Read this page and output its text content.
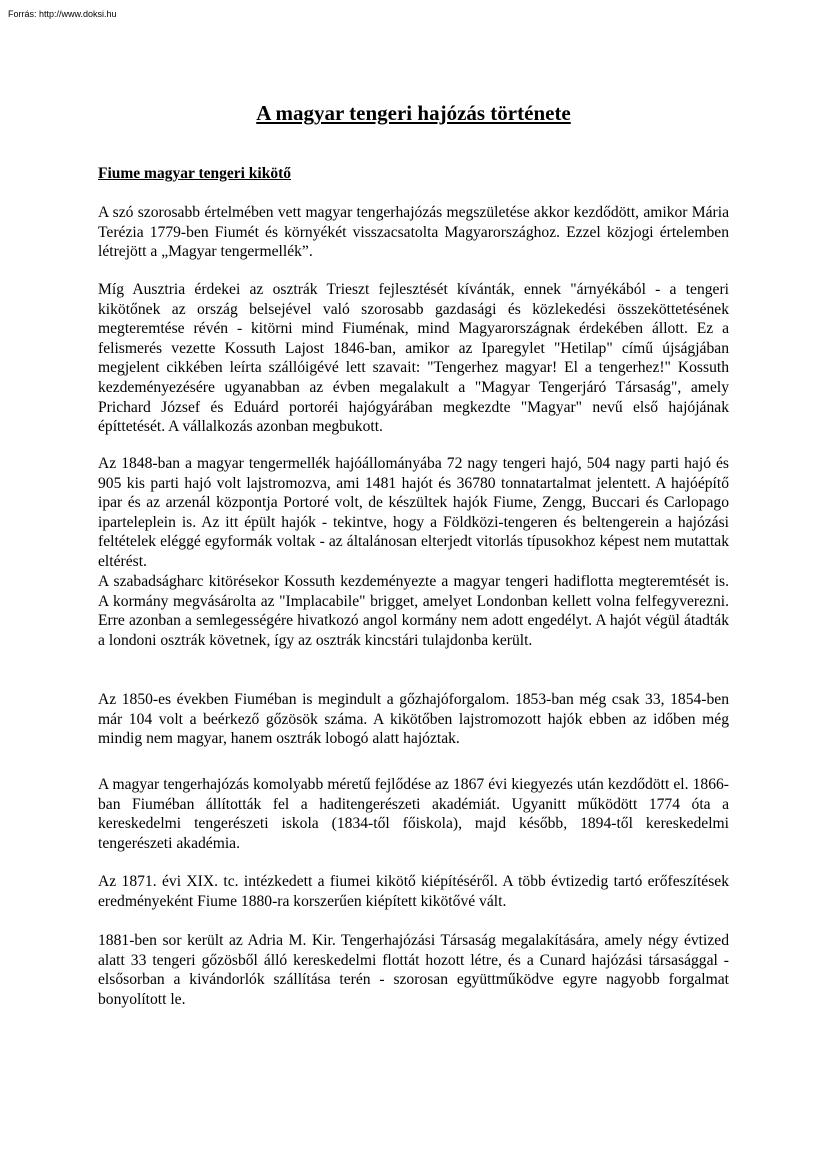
Forrás: http://www.doksi.hu

A magyar tengeri hajózás története
Fiume magyar tengeri kikötő

A szó szorosabb értelmében vett magyar tengerhajózás megszületése akkor kezdődött, amikor Mária Terézia 1779-ben Fiumét és környékét visszacsatolta Magyarországhoz. Ezzel közjogi értelemben létrejött a „Magyar tengermellék”.

Míg Ausztria érdekei az osztrák Trieszt fejlesztését kívánták, ennek "árnyékából - a tengeri kikötőnek az ország belsejével való szorosabb gazdasági és közlekedési összeköttetésének megteremtése révén - kitörni mind Fiuménak, mind Magyarországnak érdekében állott. Ez a felismerés vezette Kossuth Lajost 1846-ban, amikor az Iparegylet "Hetilap" című újságjában megjelent cikkében leírta szállóigévé lett szavait: "Tengerhez magyar! El a tengerhez!" Kossuth kezdeményezésére ugyanabban az évben megalakult a "Magyar Tengerjáró Társaság", amely Prichard József és Eduárd portoréi hajógyárában megkezdte "Magyar" nevű első hajójának építtetését. A vállalkozás azonban megbukott.

Az 1848-ban a magyar tengermellék hajóállományába 72 nagy tengeri hajó, 504 nagy parti hajó és 905 kis parti hajó volt lajstromozva, ami 1481 hajót és 36780 tonnatartalmat jelentett. A hajóépítő ipar és az arzenál központja Portoré volt, de készültek hajók Fiume, Zengg, Buccari és Carlopago iparteleplein is. Az itt épült hajók - tekintve, hogy a Földközi-tengeren és beltengerein a hajózási feltételek eléggé egyformák voltak - az általánosan elterjedt vitorlás típusokhoz képest nem mutattak eltérést.

A szabadságharc kitörésekor Kossuth kezdeményezte a magyar tengeri hadiflotta megteremtését is. A kormány megvásárolta az "Implacabile" brigget, amelyet Londonban kellett volna felfegyverezni. Erre azonban a semlegességére hivatkozó angol kormány nem adott engedélyt. A hajót végül átadták a londoni osztrák követnek, így az osztrák kincstári tulajdonba került.

Az 1850-es években Fiuméban is megindult a gőzhajóforgalom. 1853-ban még csak 33, 1854-ben már 104 volt a beérkező gőzösök száma. A kikötőben lajstromozott hajók ebben az időben még mindig nem magyar, hanem osztrák lobogó alatt hajóztak.

A magyar tengerhajózás komolyabb méretű fejlődése az 1867 évi kiegyezés után kezdődött el. 1866-ban Fiuméban állították fel a haditengerészeti akadémiát. Ugyanitt működött 1774 óta a kereskedelmi tengerészeti iskola (1834-től főiskola), majd később, 1894-től kereskedelmi tengerészeti akadémia.

Az 1871. évi XIX. tc. intézkedett a fiumei kikötő kiépítéséről. A több évtizedig tartó erőfeszítések eredményeként Fiume 1880-ra korszerűen kiépített kikötővé vált.

1881-ben sor került az Adria M. Kir. Tengerhajózási Társaság megalakítására, amely négy évtized alatt 33 tengeri gőzösből álló kereskedelmi flottát hozott létre, és a Cunard hajózási társasággal - elsősorban a kivándorlók szállítása terén - szorosan együttműködve egyre nagyobb forgalmat bonyolított le.
